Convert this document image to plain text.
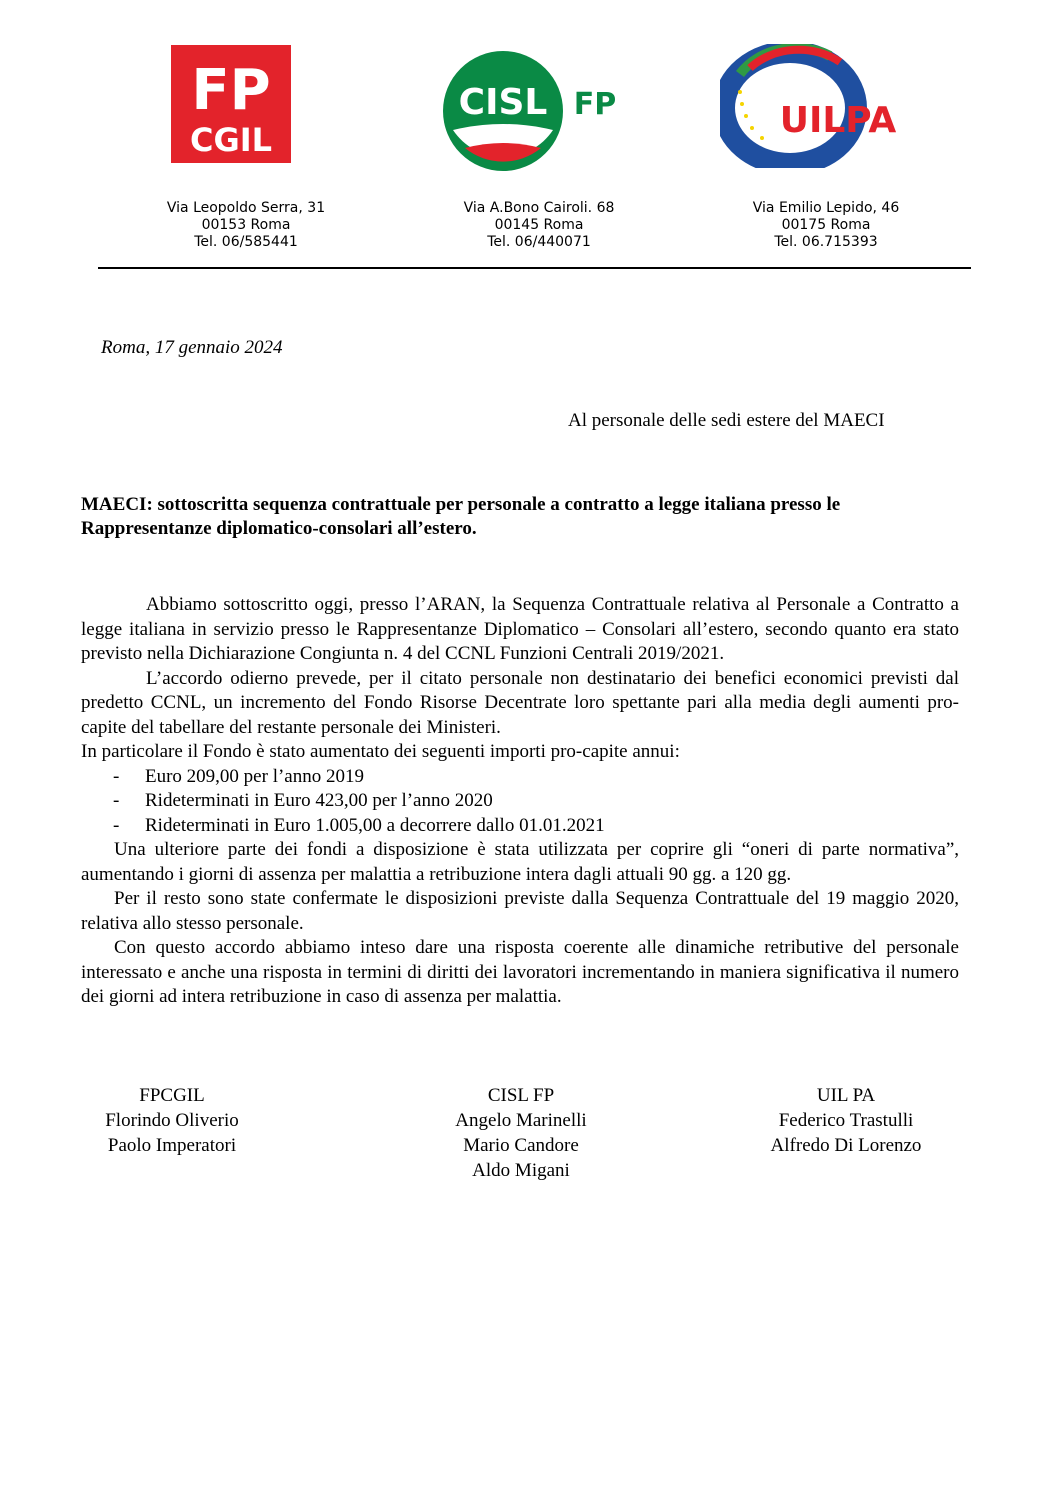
FP
CGIL
CISL FP	UILPA
Via Leopoldo Serra, 31
00153 Roma
Tel. 06/585441
Via A.Bono Cairoli. 68
00145 Roma
Tel. 06/440071
Via Emilio Lepido, 46
00175 Roma
Tel. 06.715393
Roma, 17 gennaio 2024
Al personale delle sedi estere del MAECI
MAECI: sottoscritta sequenza contrattuale per personale a contratto a legge italiana presso le Rappresentanze diplomatico-consolari all’estero.

Abbiamo sottoscritto oggi, presso l’ARAN, la Sequenza Contrattuale relativa al Personale a Contratto a legge italiana in servizio presso le Rappresentanze Diplomatico – Consolari all’estero, secondo quanto era stato previsto nella Dichiarazione Congiunta n. 4 del CCNL Funzioni Centrali 2019/2021.

L’accordo odierno prevede, per il citato personale non destinatario dei benefici economici previsti dal predetto CCNL, un incremento del Fondo Risorse Decentrate loro spettante pari alla media degli aumenti pro-capite del tabellare del restante personale dei Ministeri.

In particolare il Fondo è stato aumentato dei seguenti importi pro-capite annui:

- Euro 209,00 per l’anno 2019
- Rideterminati in Euro 423,00 per l’anno 2020
- Rideterminati in Euro 1.005,00 a decorrere dallo 01.01.2021

Una ulteriore parte dei fondi a disposizione è stata utilizzata per coprire gli “oneri di parte normativa”, aumentando i giorni di assenza per malattia a retribuzione intera dagli attuali 90 gg. a 120 gg.

Per il resto sono state confermate le disposizioni previste dalla Sequenza Contrattuale del 19 maggio 2020, relativa allo stesso personale.

Con questo accordo abbiamo inteso dare una risposta coerente alle dinamiche retributive del personale interessato e anche una risposta in termini di diritti dei lavoratori incrementando in maniera significativa il numero dei giorni ad intera retribuzione in caso di assenza per malattia.

FPCGIL
Florindo Oliverio
Paolo Imperatori
CISL FP
Angelo Marinelli
Mario Candore
Aldo Migani
UIL PA
Federico Trastulli
Alfredo Di Lorenzo
